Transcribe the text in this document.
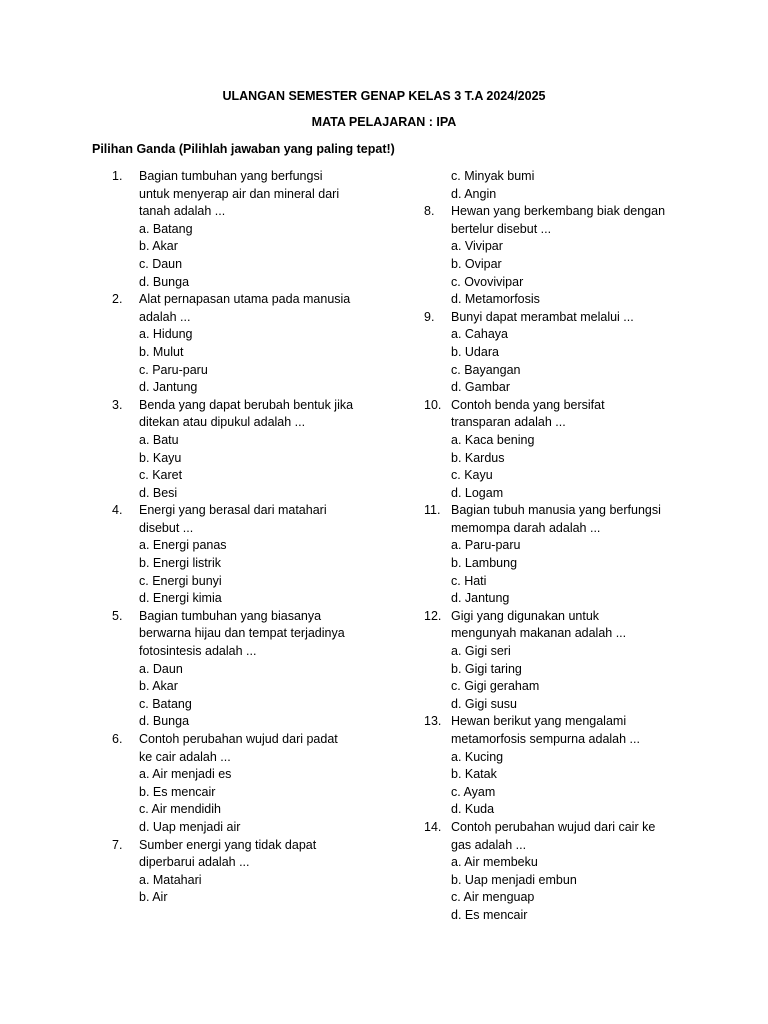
ULANGAN SEMESTER GENAP KELAS 3 T.A 2024/2025
MATA PELAJARAN : IPA
Pilihan Ganda (Pilihlah jawaban yang paling tepat!)
1.	Bagian tumbuhan yang berfungsi
untuk menyerap air dan mineral dari
tanah adalah ...
a. Batang
b. Akar
c. Daun
d. Bunga
2.	Alat pernapasan utama pada manusia
adalah ...
a. Hidung
b. Mulut
c. Paru-paru
d. Jantung
3.	Benda yang dapat berubah bentuk jika
ditekan atau dipukul adalah ...
a. Batu
b. Kayu
c. Karet
d. Besi
4.	Energi yang berasal dari matahari
disebut ...
a. Energi panas
b. Energi listrik
c. Energi bunyi
d. Energi kimia
5.	Bagian tumbuhan yang biasanya
berwarna hijau dan tempat terjadinya
fotosintesis adalah ...
a. Daun
b. Akar
c. Batang
d. Bunga
6.	Contoh perubahan wujud dari padat
ke cair adalah ...
a. Air menjadi es
b. Es mencair
c. Air mendidih
d. Uap menjadi air
7.	Sumber energi yang tidak dapat
diperbarui adalah ...
a. Matahari
b. Air
c. Minyak bumi
d. Angin
8.	Hewan yang berkembang biak dengan
bertelur disebut ...
a. Vivipar
b. Ovipar
c. Ovovivipar
d. Metamorfosis
9.	Bunyi dapat merambat melalui ...
a. Cahaya
b. Udara
c. Bayangan
d. Gambar
10. Contoh benda yang bersifat
transparan adalah ...
a. Kaca bening
b. Kardus
c. Kayu
d. Logam
11. Bagian tubuh manusia yang berfungsi
memompa darah adalah ...
a. Paru-paru
b. Lambung
c. Hati
d. Jantung
12. Gigi yang digunakan untuk
mengunyah makanan adalah ...
a. Gigi seri
b. Gigi taring
c. Gigi geraham
d. Gigi susu
13. Hewan berikut yang mengalami
metamorfosis sempurna adalah ...
a. Kucing
b. Katak
c. Ayam
d. Kuda
14. Contoh perubahan wujud dari cair ke
gas adalah ...
a. Air membeku
b. Uap menjadi embun
c. Air menguap
d. Es mencair
